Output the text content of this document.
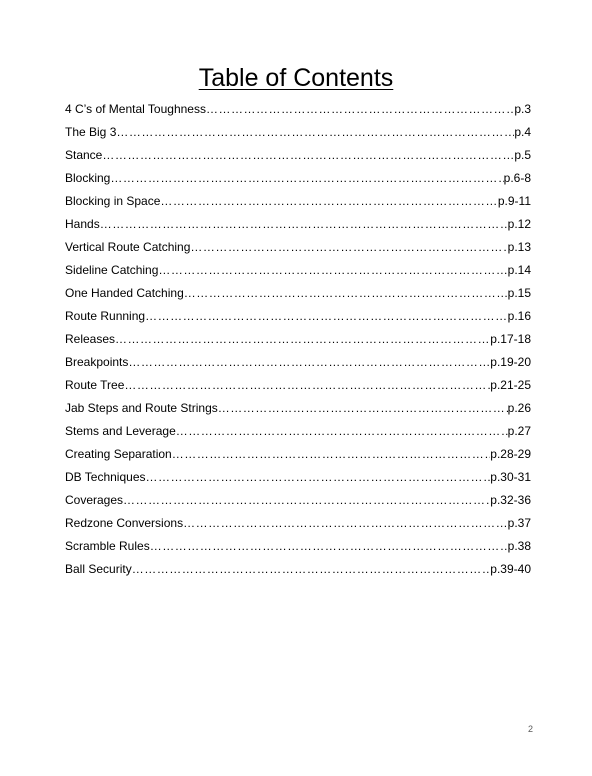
Table of Contents
4 C’s of Mental Toughness ………………………………………………………………………………………………………………………………………………………………………………………………………………	p.3
The Big 3 ………………………………………………………………………………………………………………………………………………………………………………………………………………	p.4
Stance ………………………………………………………………………………………………………………………………………………………………………………………………………………	p.5
Blocking ………………………………………………………………………………………………………………………………………………………………………………………………………………	p.6-8
Blocking in Space ………………………………………………………………………………………………………………………………………………………………………………………………………………	p.9-11
Hands ………………………………………………………………………………………………………………………………………………………………………………………………………………	p.12
Vertical Route Catching ………………………………………………………………………………………………………………………………………………………………………………………………………………	p.13
Sideline Catching ………………………………………………………………………………………………………………………………………………………………………………………………………………	p.14
One Handed Catching ………………………………………………………………………………………………………………………………………………………………………………………………………………	p.15
Route Running ………………………………………………………………………………………………………………………………………………………………………………………………………………	p.16
Releases ………………………………………………………………………………………………………………………………………………………………………………………………………………	p.17-18
Breakpoints ………………………………………………………………………………………………………………………………………………………………………………………………………………	p.19-20
Route Tree ………………………………………………………………………………………………………………………………………………………………………………………………………………	p.21-25
Jab Steps and Route Strings ………………………………………………………………………………………………………………………………………………………………………………………………………………	p.26
Stems and Leverage ………………………………………………………………………………………………………………………………………………………………………………………………………………	p.27
Creating Separation ………………………………………………………………………………………………………………………………………………………………………………………………………………	p.28-29
DB Techniques ………………………………………………………………………………………………………………………………………………………………………………………………………………	p.30-31
Coverages ………………………………………………………………………………………………………………………………………………………………………………………………………………	p.32-36
Redzone Conversions ………………………………………………………………………………………………………………………………………………………………………………………………………………	p.37
Scramble Rules ………………………………………………………………………………………………………………………………………………………………………………………………………………	p.38
Ball Security ………………………………………………………………………………………………………………………………………………………………………………………………………………	p.39-40
2
